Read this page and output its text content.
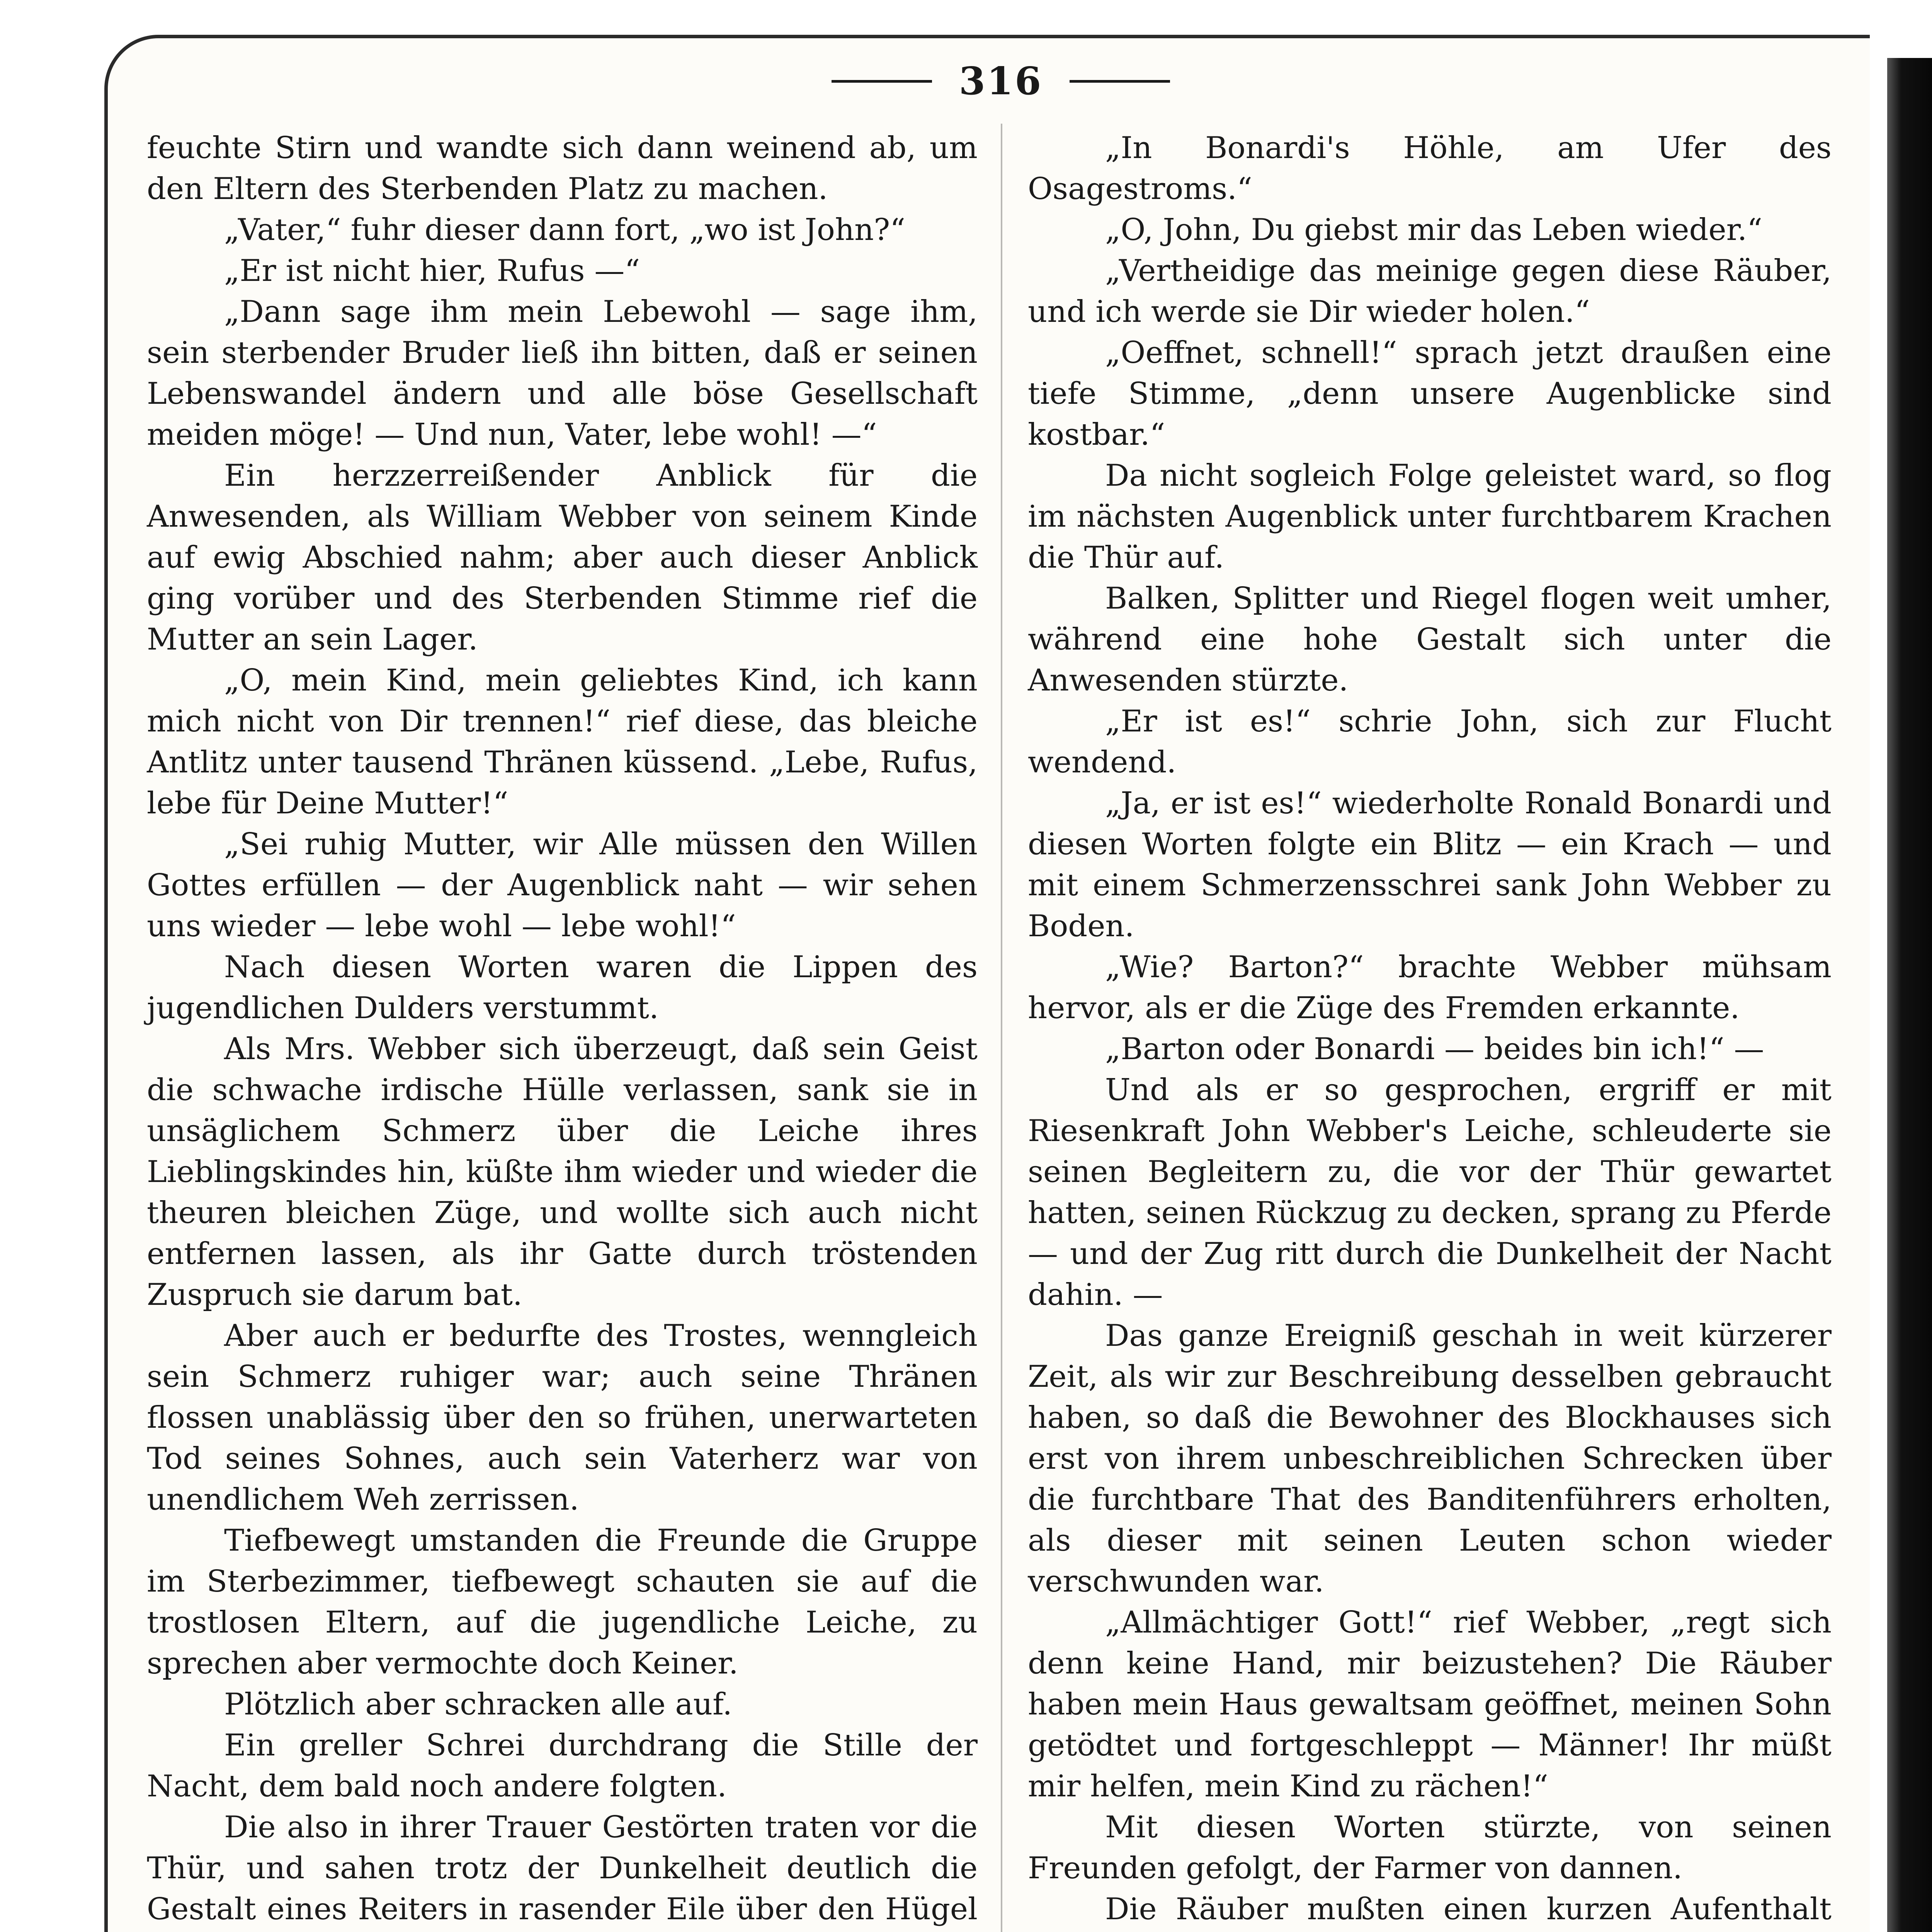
316

feuchte Stirn und wandte sich dann weinend ab, um den Eltern des Sterbenden Platz zu machen.

„Vater,“ fuhr dieser dann fort, „wo ist John?“

„Er ist nicht hier, Rufus —“

„Dann sage ihm mein Lebewohl — sage ihm, sein sterbender Bruder ließ ihn bitten, daß er seinen Lebenswandel ändern und alle böse Gesellschaft meiden möge! — Und nun, Vater, lebe wohl! —“

Ein herzzerreißender Anblick für die Anwesenden, als William Webber von seinem Kinde auf ewig Abschied nahm; aber auch dieser Anblick ging vorüber und des Sterbenden Stimme rief die Mutter an sein Lager.

„O, mein Kind, mein geliebtes Kind, ich kann mich nicht von Dir trennen!“ rief diese, das bleiche Antlitz unter tausend Thränen küssend. „Lebe, Rufus, lebe für Deine Mutter!“

„Sei ruhig Mutter, wir Alle müssen den Willen Gottes erfüllen — der Augenblick naht — wir sehen uns wieder — lebe wohl — lebe wohl!“

Nach diesen Worten waren die Lippen des jugendlichen Dulders verstummt.

Als Mrs. Webber sich überzeugt, daß sein Geist die schwache irdische Hülle verlassen, sank sie in unsäglichem Schmerz über die Leiche ihres Lieblingskindes hin, küßte ihm wieder und wieder die theuren bleichen Züge, und wollte sich auch nicht entfernen lassen, als ihr Gatte durch tröstenden Zuspruch sie darum bat.

Aber auch er bedurfte des Trostes, wenngleich sein Schmerz ruhiger war; auch seine Thränen flossen unablässig über den so frühen, unerwarteten Tod seines Sohnes, auch sein Vaterherz war von unendlichem Weh zerrissen.

Tiefbewegt umstanden die Freunde die Gruppe im Sterbezimmer, tiefbewegt schauten sie auf die trostlosen Eltern, auf die jugendliche Leiche, zu sprechen aber vermochte doch Keiner.

Plötzlich aber schracken alle auf.

Ein greller Schrei durchdrang die Stille der Nacht, dem bald noch andere folgten.

Die also in ihrer Trauer Gestörten traten vor die Thür, und sahen trotz der Dunkelheit deutlich die Gestalt eines Reiters in rasender Eile über den Hügel

„In Bonardi's Höhle, am Ufer des Osagestroms.“

„O, John, Du giebst mir das Leben wieder.“

„Vertheidige das meinige gegen diese Räuber, und ich werde sie Dir wieder holen.“

„Oeffnet, schnell!“ sprach jetzt draußen eine tiefe Stimme, „denn unsere Augenblicke sind kostbar.“

Da nicht sogleich Folge geleistet ward, so flog im nächsten Augenblick unter furchtbarem Krachen die Thür auf.

Balken, Splitter und Riegel flogen weit umher, während eine hohe Gestalt sich unter die Anwesenden stürzte.

„Er ist es!“ schrie John, sich zur Flucht wendend.

„Ja, er ist es!“ wiederholte Ronald Bonardi und diesen Worten folgte ein Blitz — ein Krach — und mit einem Schmerzensschrei sank John Webber zu Boden.

„Wie? Barton?“ brachte Webber mühsam hervor, als er die Züge des Fremden erkannte.

„Barton oder Bonardi — beides bin ich!“ —

Und als er so gesprochen, ergriff er mit Riesenkraft John Webber's Leiche, schleuderte sie seinen Begleitern zu, die vor der Thür gewartet hatten, seinen Rückzug zu decken, sprang zu Pferde — und der Zug ritt durch die Dunkelheit der Nacht dahin. —

Das ganze Ereigniß geschah in weit kürzerer Zeit, als wir zur Beschreibung desselben gebraucht haben, so daß die Bewohner des Blockhauses sich erst von ihrem unbeschreiblichen Schrecken über die furchtbare That des Banditenführers erholten, als dieser mit seinen Leuten schon wieder verschwunden war.

„Allmächtiger Gott!“ rief Webber, „regt sich denn keine Hand, mir beizustehen? Die Räuber haben mein Haus gewaltsam geöffnet, meinen Sohn getödtet und fortgeschleppt — Männer! Ihr müßt mir helfen, mein Kind zu rächen!“

Mit diesen Worten stürzte, von seinen Freunden gefolgt, der Farmer von dannen.

Die Räuber mußten einen kurzen Aufenthalt
